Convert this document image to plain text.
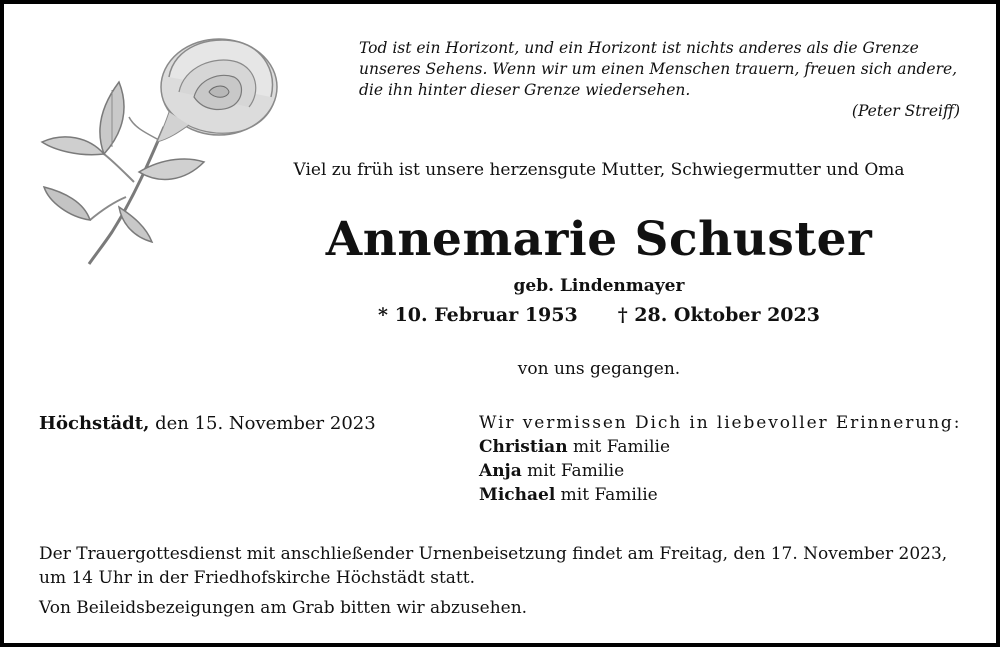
Tod ist ein Horizont, und ein Horizont ist nichts anderes als die Grenze
unseres Sehens. Wenn wir um einen Menschen trauern, freuen sich andere,
die ihn hinter dieser Grenze wiedersehen.
(Peter Streiff)
Viel zu früh ist unsere herzensgute Mutter, Schwiegermutter und Oma
Annemarie Schuster
geb. Lindenmayer
* 10. Februar 1953 † 28. Oktober 2023
von uns gegangen.
Höchstädt, den 15. November 2023	Wir vermissen Dich in liebevoller Erinnerung:
Christian mit Familie
Anja mit Familie
Michael mit Familie
Der Trauergottesdienst mit anschließender Urnenbeisetzung findet am Freitag, den 17. November 2023,
um 14 Uhr in der Friedhofskirche Höchstädt statt.
Von Beileidsbezeigungen am Grab bitten wir abzusehen.
